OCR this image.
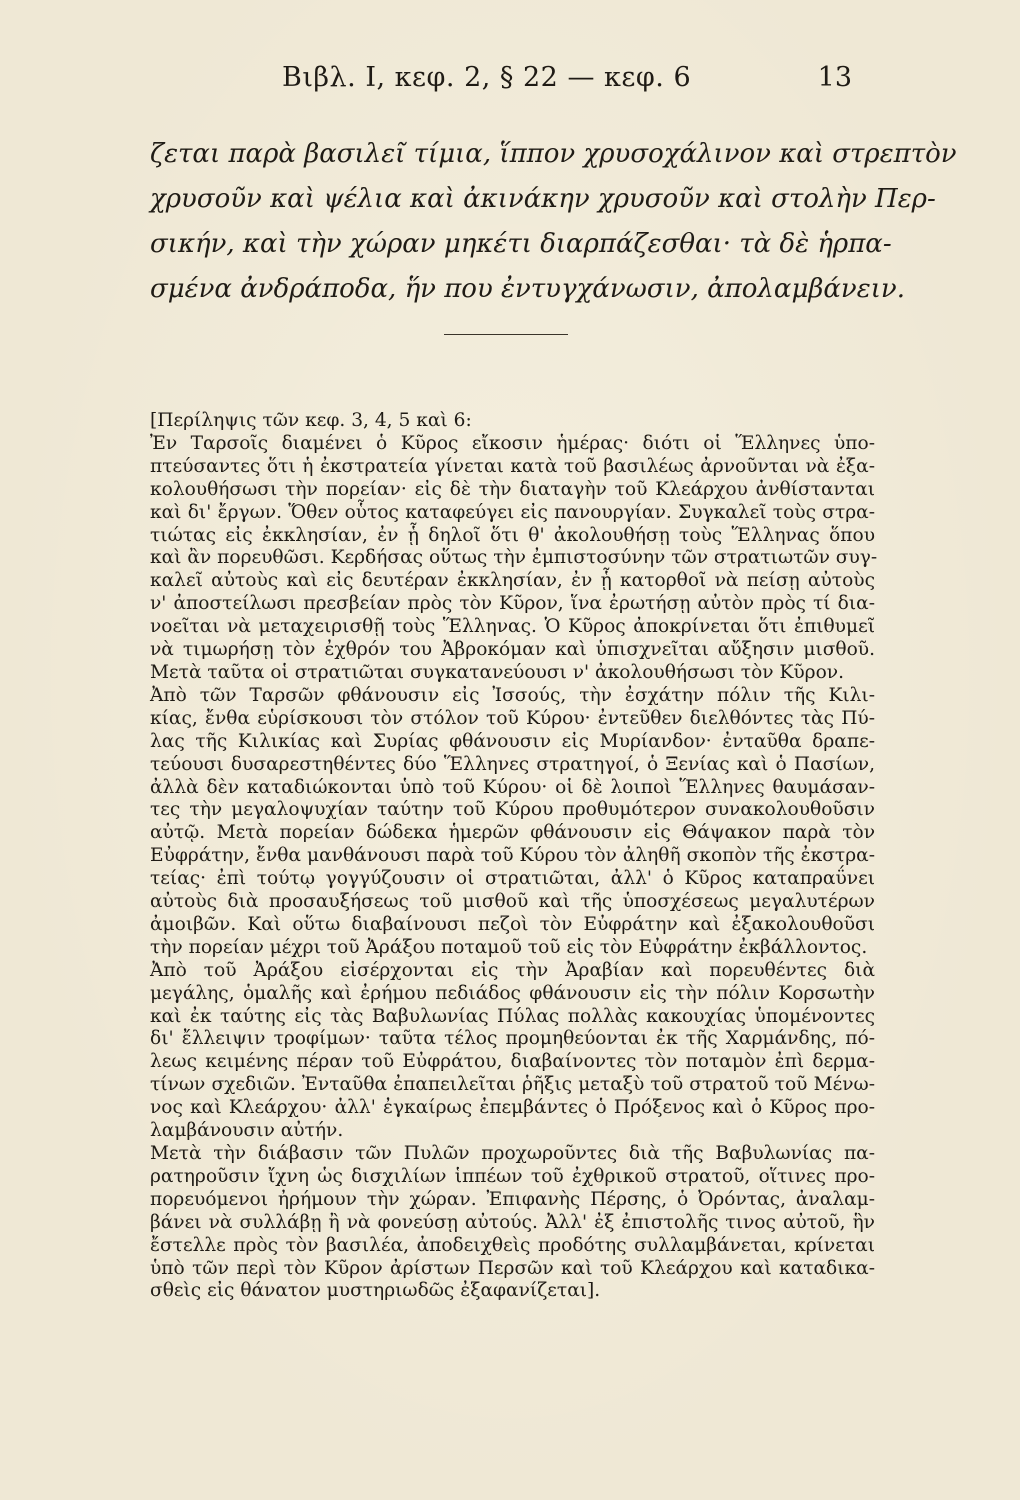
Βιβλ. Ι, κεφ. 2, § 22 — κεφ. 6	13
ζεται παρὰ βασιλεῖ τίμια, ἵππον χρυσοχάλινον καὶ στρεπτὸν
χρυσοῦν καὶ ψέλια καὶ ἀκινάκην χρυσοῦν καὶ στολὴν Περ-
σικήν, καὶ τὴν χώραν μηκέτι διαρπάζεσθαι· τὰ δὲ ἡρπα-
σμένα ἀνδράποδα, ἥν που ἐντυγχάνωσιν, ἀπολαμβάνειν.
[Περίληψις τῶν κεφ. 3, 4, 5 καὶ 6:
Ἐν Ταρσοῖς διαμένει ὁ Κῦρος εἴκοσιν ἡμέρας· διότι οἱ Ἕλληνες ὑπο-
πτεύσαντες ὅτι ἡ ἐκστρατεία γίνεται κατὰ τοῦ βασιλέως ἀρνοῦνται νὰ ἐξα-
κολουθήσωσι τὴν πορείαν· εἰς δὲ τὴν διαταγὴν τοῦ Κλεάρχου ἀνθίστανται
καὶ δι' ἔργων. Ὅθεν οὗτος καταφεύγει εἰς πανουργίαν. Συγκαλεῖ τοὺς στρα-
τιώτας εἰς ἐκκλησίαν, ἐν ᾗ δηλοῖ ὅτι θ' ἀκολουθήσῃ τοὺς Ἕλληνας ὅπου
καὶ ἂν πορευθῶσι. Κερδήσας οὕτως τὴν ἐμπιστοσύνην τῶν στρατιωτῶν συγ-
καλεῖ αὐτοὺς καὶ εἰς δευτέραν ἐκκλησίαν, ἐν ᾗ κατορθοῖ νὰ πείσῃ αὐτοὺς
ν' ἀποστείλωσι πρεσβείαν πρὸς τὸν Κῦρον, ἵνα ἐρωτήσῃ αὐτὸν πρὸς τί δια-
νοεῖται νὰ μεταχειρισθῇ τοὺς Ἕλληνας. Ὁ Κῦρος ἀποκρίνεται ὅτι ἐπιθυμεῖ
νὰ τιμωρήσῃ τὸν ἐχθρόν του Ἀβροκόμαν καὶ ὑπισχνεῖται αὔξησιν μισθοῦ.
Μετὰ ταῦτα οἱ στρατιῶται συγκατανεύουσι ν' ἀκολουθήσωσι τὸν Κῦρον.
Ἀπὸ τῶν Ταρσῶν φθάνουσιν εἰς Ἰσσούς, τὴν ἐσχάτην πόλιν τῆς Κιλι-
κίας, ἔνθα εὑρίσκουσι τὸν στόλον τοῦ Κύρου· ἐντεῦθεν διελθόντες τὰς Πύ-
λας τῆς Κιλικίας καὶ Συρίας φθάνουσιν εἰς Μυρίανδον· ἐνταῦθα δραπε-
τεύουσι δυσαρεστηθέντες δύο Ἕλληνες στρατηγοί, ὁ Ξενίας καὶ ὁ Πασίων,
ἀλλὰ δὲν καταδιώκονται ὑπὸ τοῦ Κύρου· οἱ δὲ λοιποὶ Ἕλληνες θαυμάσαν-
τες τὴν μεγαλοψυχίαν ταύτην τοῦ Κύρου προθυμότερον συνακολουθοῦσιν
αὐτῷ. Μετὰ πορείαν δώδεκα ἡμερῶν φθάνουσιν εἰς Θάψακον παρὰ τὸν
Εὐφράτην, ἔνθα μανθάνουσι παρὰ τοῦ Κύρου τὸν ἀληθῆ σκοπὸν τῆς ἐκστρα-
τείας· ἐπὶ τούτῳ γογγύζουσιν οἱ στρατιῶται, ἀλλ' ὁ Κῦρος καταπραΰνει
αὐτοὺς διὰ προσαυξήσεως τοῦ μισθοῦ καὶ τῆς ὑποσχέσεως μεγαλυτέρων
ἀμοιβῶν. Καὶ οὕτω διαβαίνουσι πεζοὶ τὸν Εὐφράτην καὶ ἐξακολουθοῦσι
τὴν πορείαν μέχρι τοῦ Ἀράξου ποταμοῦ τοῦ εἰς τὸν Εὐφράτην ἐκβάλλοντος.
Ἀπὸ τοῦ Ἀράξου εἰσέρχονται εἰς τὴν Ἀραβίαν καὶ πορευθέντες διὰ
μεγάλης, ὁμαλῆς καὶ ἐρήμου πεδιάδος φθάνουσιν εἰς τὴν πόλιν Κορσωτὴν
καὶ ἐκ ταύτης εἰς τὰς Βαβυλωνίας Πύλας πολλὰς κακουχίας ὑπομένοντες
δι' ἔλλειψιν τροφίμων· ταῦτα τέλος προμηθεύονται ἐκ τῆς Χαρμάνδης, πό-
λεως κειμένης πέραν τοῦ Εὐφράτου, διαβαίνοντες τὸν ποταμὸν ἐπὶ δερμα-
τίνων σχεδιῶν. Ἐνταῦθα ἐπαπειλεῖται ῥῆξις μεταξὺ τοῦ στρατοῦ τοῦ Μένω-
νος καὶ Κλεάρχου· ἀλλ' ἐγκαίρως ἐπεμβάντες ὁ Πρόξενος καὶ ὁ Κῦρος προ-
λαμβάνουσιν αὐτήν.
Μετὰ τὴν διάβασιν τῶν Πυλῶν προχωροῦντες διὰ τῆς Βαβυλωνίας πα-
ρατηροῦσιν ἴχνη ὡς δισχιλίων ἱππέων τοῦ ἐχθρικοῦ στρατοῦ, οἵτινες προ-
πορευόμενοι ἠρήμουν τὴν χώραν. Ἐπιφανὴς Πέρσης, ὁ Ὀρόντας, ἀναλαμ-
βάνει νὰ συλλάβῃ ἢ νὰ φονεύσῃ αὐτούς. Ἀλλ' ἐξ ἐπιστολῆς τινος αὐτοῦ, ἣν
ἔστελλε πρὸς τὸν βασιλέα, ἀποδειχθεὶς προδότης συλλαμβάνεται, κρίνεται
ὑπὸ τῶν περὶ τὸν Κῦρον ἀρίστων Περσῶν καὶ τοῦ Κλεάρχου καὶ καταδικα-
σθεὶς εἰς θάνατον μυστηριωδῶς ἐξαφανίζεται].
